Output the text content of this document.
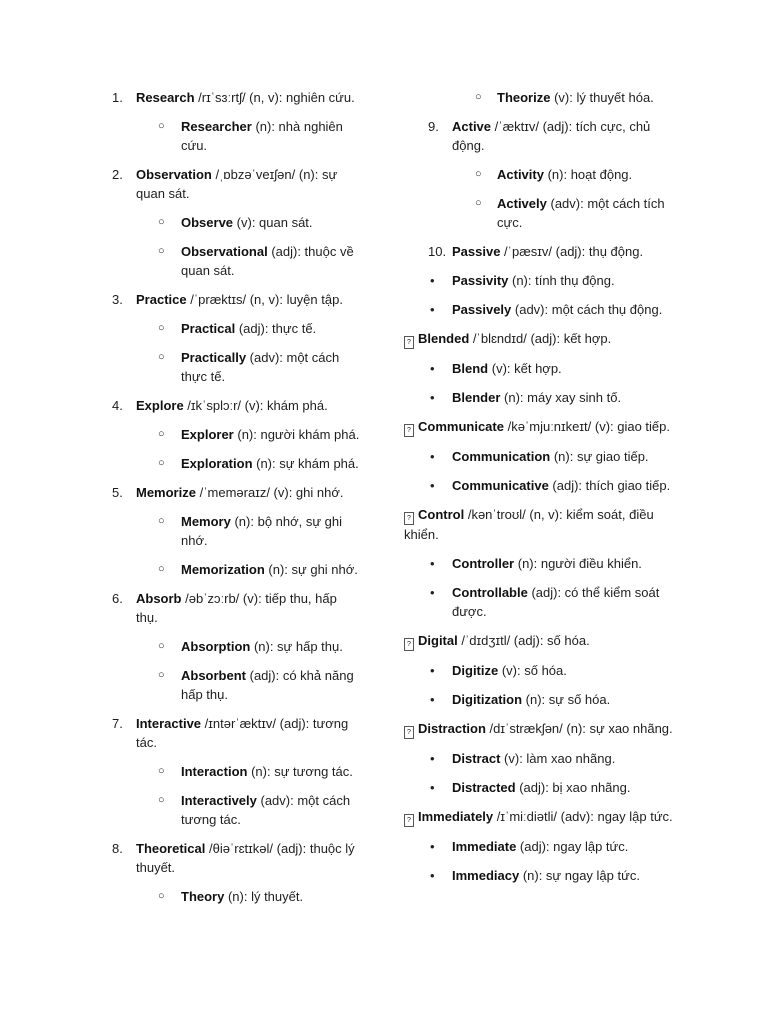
1. Research /rɪˈsɜːrtʃ/ (n, v): nghiên cứu.

○ Researcher (n): nhà nghiên cứu.

2. Observation /ˌɒbzəˈveɪʃən/ (n): sự quan sát.

○ Observe (v): quan sát.

○ Observational (adj): thuộc về quan sát.

3. Practice /ˈpræktɪs/ (n, v): luyện tập.

○ Practical (adj): thực tế.

○ Practically (adv): một cách thực tế.

4. Explore /ɪkˈsplɔːr/ (v): khám phá.

○ Explorer (n): người khám phá.

○ Exploration (n): sự khám phá.

5. Memorize /ˈmeməraɪz/ (v): ghi nhớ.

○ Memory (n): bộ nhớ, sự ghi nhớ.

○ Memorization (n): sự ghi nhớ.

6. Absorb /əbˈzɔːrb/ (v): tiếp thu, hấp thụ.

○ Absorption (n): sự hấp thụ.

○ Absorbent (adj): có khả năng hấp thụ.

7. Interactive /ɪntərˈæktɪv/ (adj): tương tác.

○ Interaction (n): sự tương tác.

○ Interactively (adv): một cách tương tác.

8. Theoretical /θiəˈrɛtɪkəl/ (adj): thuộc lý thuyết.

○ Theory (n): lý thuyết.

○ Theorize (v): lý thuyết hóa.

9. Active /ˈæktɪv/ (adj): tích cực, chủ động.

○ Activity (n): hoạt động.

○ Actively (adv): một cách tích cực.

10. Passive /ˈpæsɪv/ (adj): thụ động.

• Passivity (n): tính thụ động.

• Passively (adv): một cách thụ động.

? Blended /ˈblɛndɪd/ (adj): kết hợp.

• Blend (v): kết hợp.

• Blender (n): máy xay sinh tố.

? Communicate /kəˈmjuːnɪkeɪt/ (v): giao tiếp.

• Communication (n): sự giao tiếp.

• Communicative (adj): thích giao tiếp.

? Control /kənˈtroʊl/ (n, v): kiểm soát, điều khiển.

• Controller (n): người điều khiển.

• Controllable (adj): có thể kiểm soát được.

? Digital /ˈdɪdʒɪtl/ (adj): số hóa.

• Digitize (v): số hóa.

• Digitization (n): sự số hóa.

? Distraction /dɪˈstrækʃən/ (n): sự xao nhãng.

• Distract (v): làm xao nhãng.

• Distracted (adj): bị xao nhãng.

? Immediately /ɪˈmiːdiətli/ (adv): ngay lập tức.

• Immediate (adj): ngay lập tức.

• Immediacy (n): sự ngay lập tức.
